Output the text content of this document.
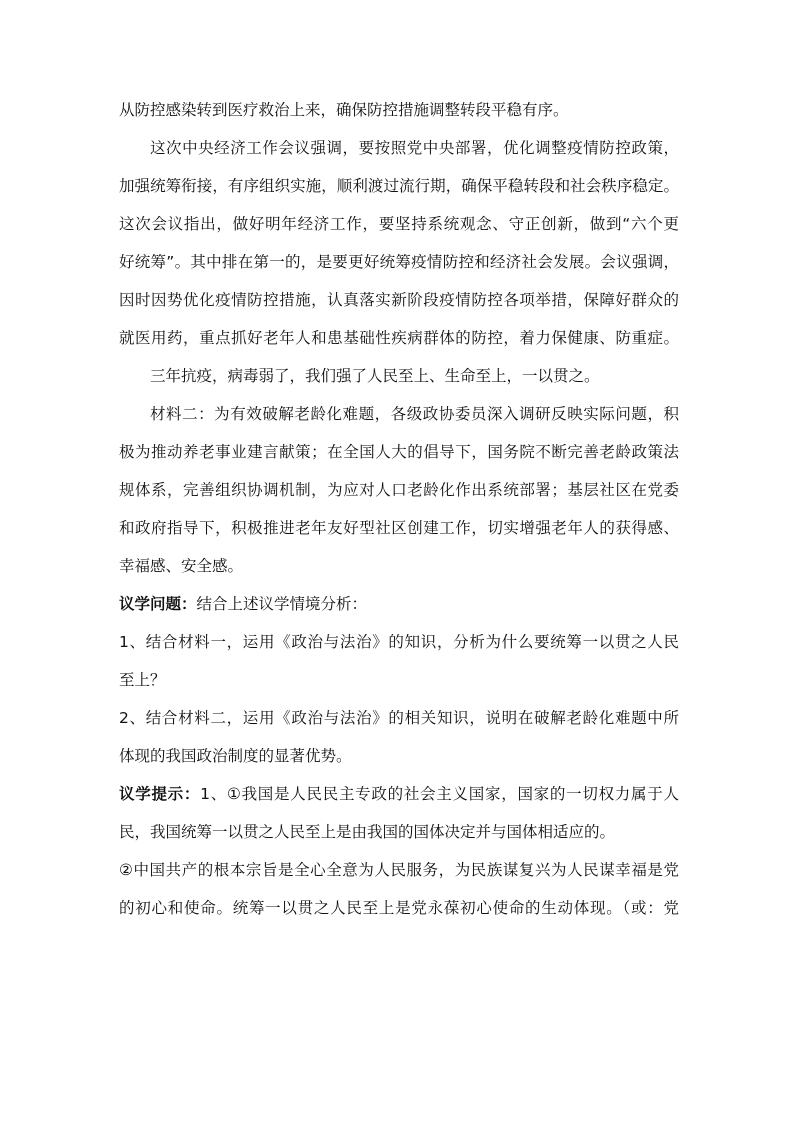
从防控感染转到医疗救治上来，确保防控措施调整转段平稳有序。
这次中央经济工作会议强调，要按照党中央部署，优化调整疫情防控政策，
加强统筹衔接，有序组织实施，顺利渡过流行期，确保平稳转段和社会秩序稳定。
这次会议指出，做好明年经济工作，要坚持系统观念、守正创新，做到“六个更
好统筹”。其中排在第一的，是要更好统筹疫情防控和经济社会发展。会议强调，
因时因势优化疫情防控措施，认真落实新阶段疫情防控各项举措，保障好群众的
就医用药，重点抓好老年人和患基础性疾病群体的防控，着力保健康、防重症。
三年抗疫，病毒弱了，我们强了人民至上、生命至上，一以贯之。
材料二：为有效破解老龄化难题，各级政协委员深入调研反映实际问题，积
极为推动养老事业建言献策；在全国人大的倡导下，国务院不断完善老龄政策法
规体系，完善组织协调机制，为应对人口老龄化作出系统部署；基层社区在党委
和政府指导下，积极推进老年友好型社区创建工作，切实增强老年人的获得感、
幸福感、安全感。
议学问题：结合上述议学情境分析：
1、结合材料一，运用《政治与法治》的知识，分析为什么要统筹一以贯之人民
至上？
2、结合材料二，运用《政治与法治》的相关知识，说明在破解老龄化难题中所
体现的我国政治制度的显著优势。
议学提示：1、①我国是人民民主专政的社会主义国家，国家的一切权力属于人
民，我国统筹一以贯之人民至上是由我国的国体决定并与国体相适应的。
②中国共产的根本宗旨是全心全意为人民服务，为民族谋复兴为人民谋幸福是党
的初心和使命。统筹一以贯之人民至上是党永葆初心使命的生动体现。（或：党
